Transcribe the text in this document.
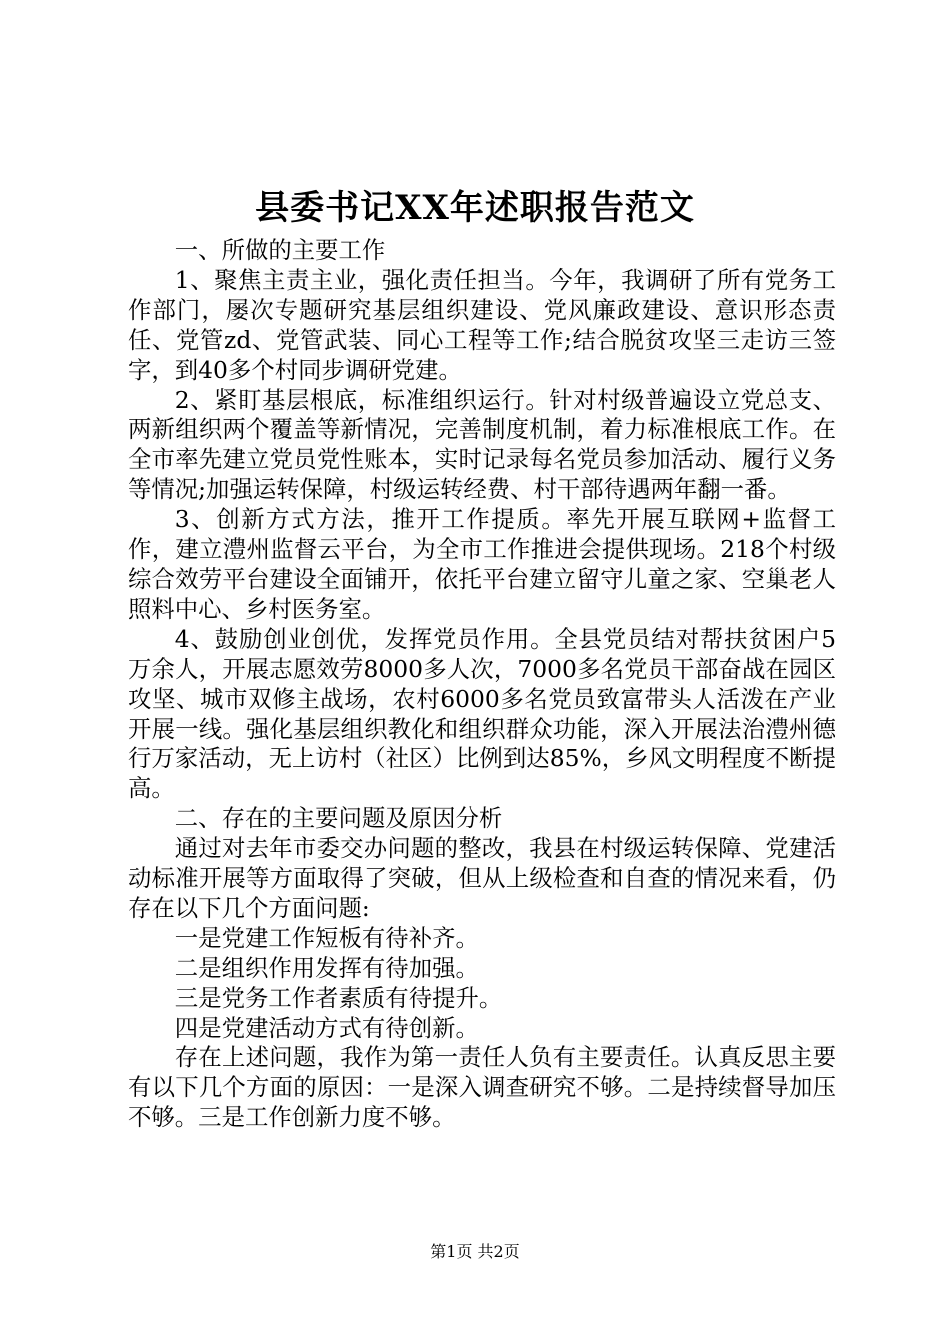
县委书记XX年述职报告范文

一、所做的主要工作

1、聚焦主责主业，强化责任担当。今年，我调研了所有党务工作部门，屡次专题研究基层组织建设、党风廉政建设、意识形态责任、党管zd、党管武装、同心工程等工作;结合脱贫攻坚三走访三签字，到40多个村同步调研党建。

2、紧盯基层根底，标准组织运行。针对村级普遍设立党总支、两新组织两个覆盖等新情况，完善制度机制，着力标准根底工作。在全市率先建立党员党性账本，实时记录每名党员参加活动、履行义务等情况;加强运转保障，村级运转经费、村干部待遇两年翻一番。

3、创新方式方法，推开工作提质。率先开展互联网+监督工作，建立澧州监督云平台，为全市工作推进会提供现场。218个村级综合效劳平台建设全面铺开，依托平台建立留守儿童之家、空巢老人照料中心、乡村医务室。

4、鼓励创业创优，发挥党员作用。全县党员结对帮扶贫困户5万余人，开展志愿效劳8000多人次，7000多名党员干部奋战在园区攻坚、城市双修主战场，农村6000多名党员致富带头人活泼在产业开展一线。强化基层组织教化和组织群众功能，深入开展法治澧州德行万家活动，无上访村（社区）比例到达85%，乡风文明程度不断提高。

二、存在的主要问题及原因分析

通过对去年市委交办问题的整改，我县在村级运转保障、党建活动标准开展等方面取得了突破，但从上级检查和自查的情况来看，仍存在以下几个方面问题:

一是党建工作短板有待补齐。

二是组织作用发挥有待加强。

三是党务工作者素质有待提升。

四是党建活动方式有待创新。

存在上述问题，我作为第一责任人负有主要责任。认真反思主要有以下几个方面的原因：一是深入调查研究不够。二是持续督导加压不够。三是工作创新力度不够。

第1页 共2页
